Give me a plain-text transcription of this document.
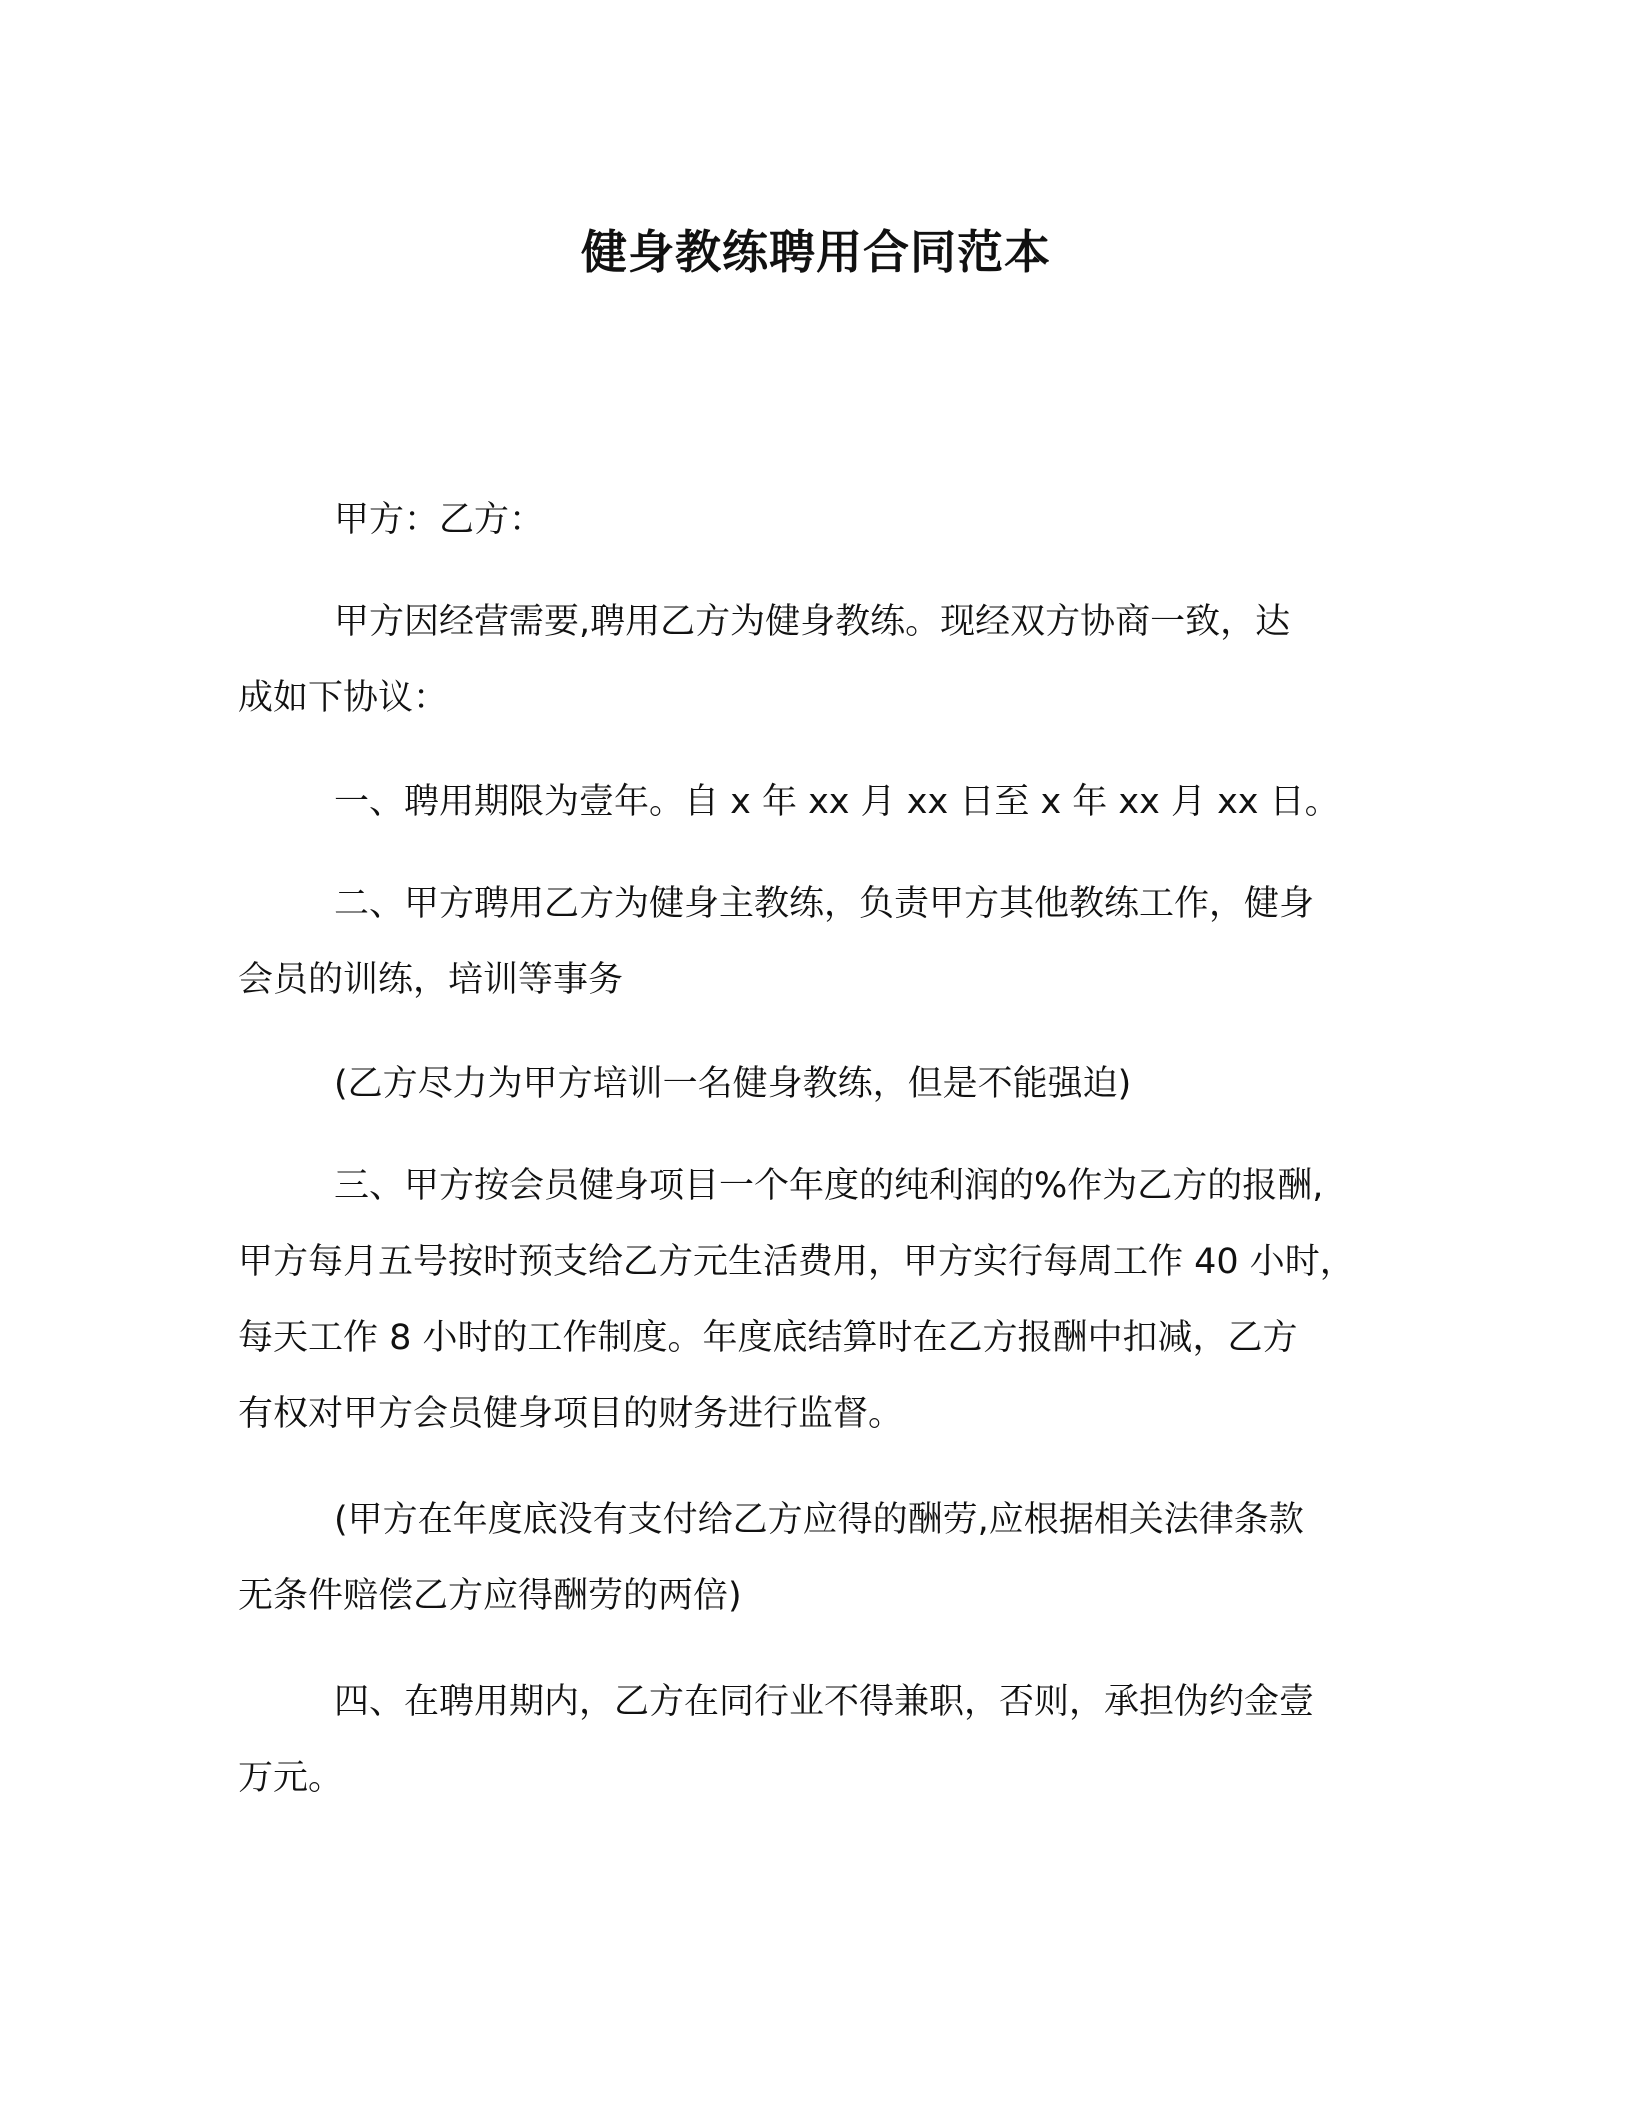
健身教练聘用合同范本

甲方：乙方：

甲方因经营需要,聘用乙方为健身教练。现经双方协商一致，达
成如下协议：

一、聘用期限为壹年。自 x 年 xx 月 xx 日至 x 年 xx 月 xx 日。

二、甲方聘用乙方为健身主教练，负责甲方其他教练工作，健身
会员的训练，培训等事务

(乙方尽力为甲方培训一名健身教练，但是不能强迫)

三、甲方按会员健身项目一个年度的纯利润的%作为乙方的报酬,
甲方每月五号按时预支给乙方元生活费用，甲方实行每周工作 40 小时，
每天工作 8 小时的工作制度。年度底结算时在乙方报酬中扣减，乙方
有权对甲方会员健身项目的财务进行监督。

(甲方在年度底没有支付给乙方应得的酬劳,应根据相关法律条款
无条件赔偿乙方应得酬劳的两倍)

四、在聘用期内，乙方在同行业不得兼职，否则，承担伪约金壹
万元。
